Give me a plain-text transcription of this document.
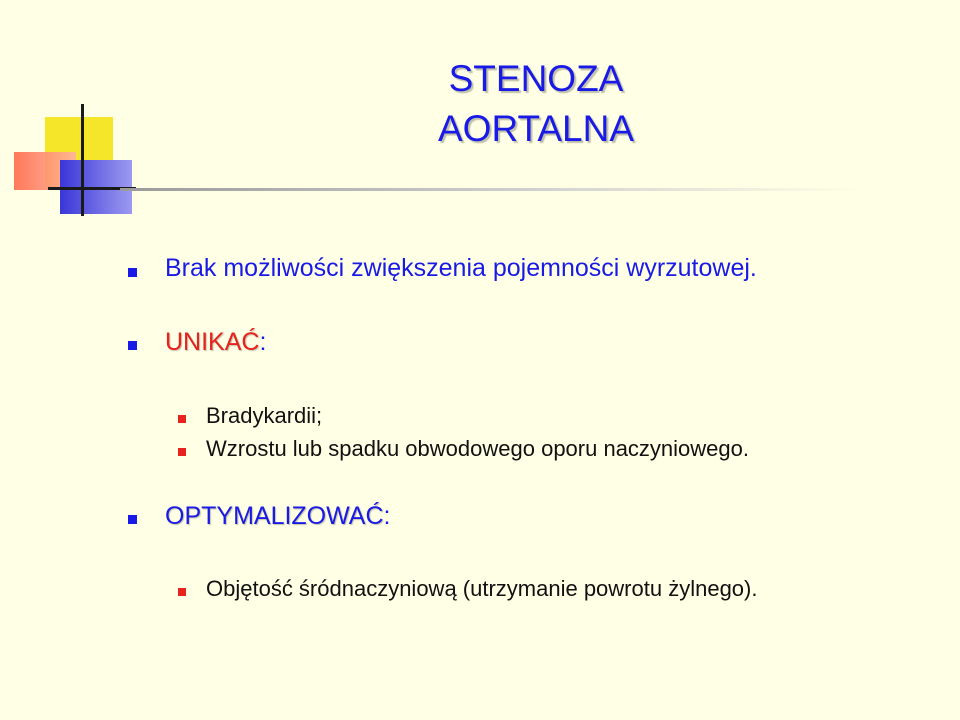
STENOZA
AORTALNA
Brak możliwości zwiększenia pojemności wyrzutowej.
UNIKAĆ:
Bradykardii;
Wzrostu lub spadku obwodowego oporu naczyniowego.
OPTYMALIZOWAĆ:
Objętość śródnaczyniową (utrzymanie powrotu żylnego).
